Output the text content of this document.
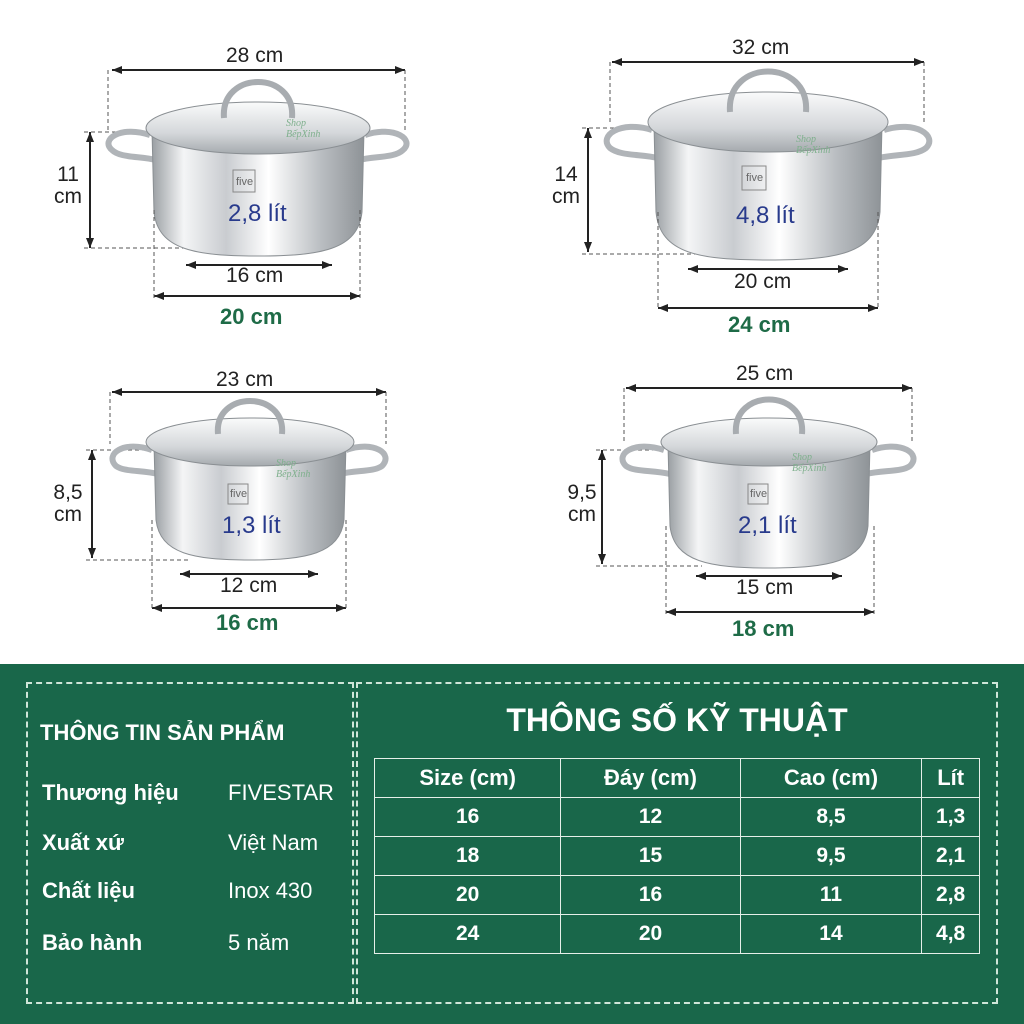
28 cm
11
cm
five
2,8 lít
16 cm
20 cm
Shop
BếpXinh
32 cm
14
cm
five
4,8 lít
20 cm
24 cm
Shop
BếpXinh
23 cm
8,5
cm
five
1,3 lít
12 cm
16 cm
Shop
BếpXinh
25 cm
9,5
cm
five
2,1 lít
15 cm
18 cm
Shop
BếpXinh
THÔNG TIN SẢN PHẨM
Thương hiệu FIVESTAR
Xuất xứ	Việt Nam
Chất liệu	Inox 430
Bảo hành	5 năm
THÔNG SỐ KỸ THUẬT
Size (cm)	Đáy (cm)	Cao (cm)	Lít
16	12	8,5	1,3
18	15	9,5	2,1
20	16	11	2,8
24	20	14	4,8
